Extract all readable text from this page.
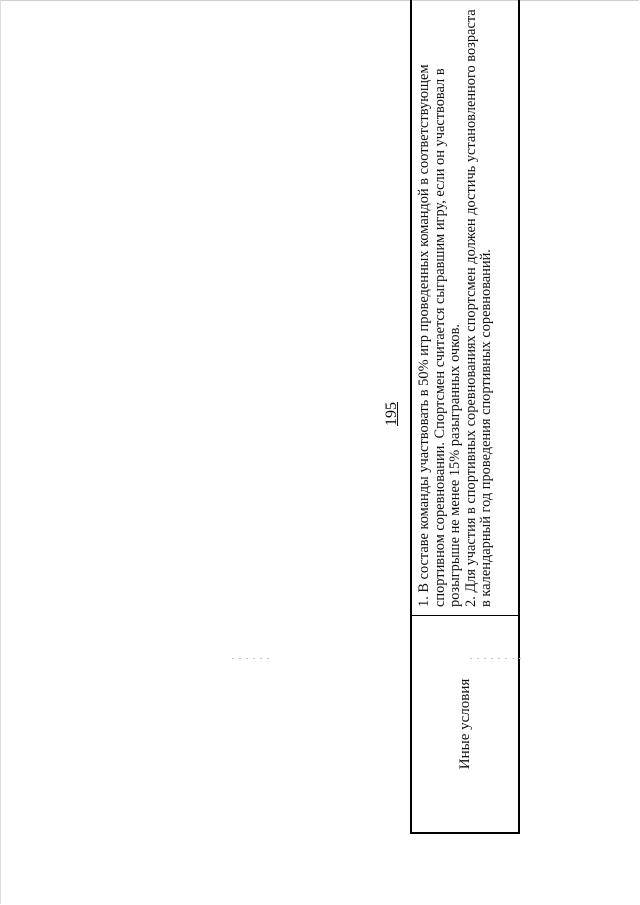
195
Иные условия

1. В составе команды участвовать в 50% игр проведенных командой в соответствующем спортивном соревновании. Спортсмен считается сыгравшим игру, если он участвовал в розыгрыше не менее 15% разыгранных очков. 2. Для участия в спортивных соревнованиях спортсмен должен достичь установленного возраста в календарный год проведения спортивных соревнований.
